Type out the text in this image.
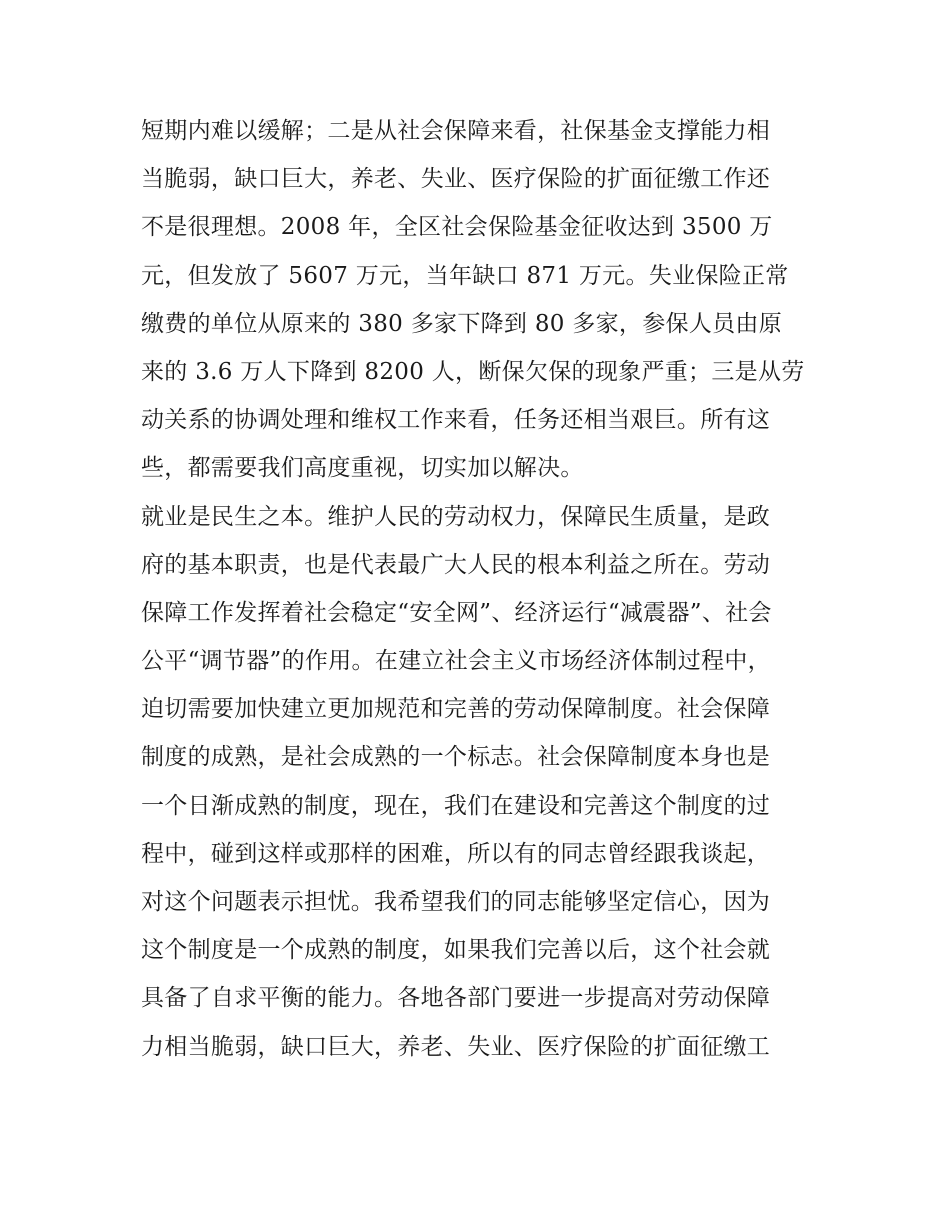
短期内难以缓解；二是从社会保障来看，社保基金支撑能力相
当脆弱，缺口巨大，养老、失业、医疗保险的扩面征缴工作还
不是很理想。2008 年，全区社会保险基金征收达到 3500 万
元，但发放了 5607 万元，当年缺口 871 万元。失业保险正常
缴费的单位从原来的 380 多家下降到 80 多家，参保人员由原
来的 3.6 万人下降到 8200 人，断保欠保的现象严重；三是从劳
动关系的协调处理和维权工作来看，任务还相当艰巨。所有这
些，都需要我们高度重视，切实加以解决。
就业是民生之本。维护人民的劳动权力，保障民生质量，是政
府的基本职责，也是代表最广大人民的根本利益之所在。劳动
保障工作发挥着社会稳定“安全网”、经济运行“减震器”、社会
公平“调节器”的作用。在建立社会主义市场经济体制过程中，
迫切需要加快建立更加规范和完善的劳动保障制度。社会保障
制度的成熟，是社会成熟的一个标志。社会保障制度本身也是
一个日渐成熟的制度，现在，我们在建设和完善这个制度的过
程中，碰到这样或那样的困难，所以有的同志曾经跟我谈起，
对这个问题表示担忧。我希望我们的同志能够坚定信心，因为
这个制度是一个成熟的制度，如果我们完善以后，这个社会就
具备了自求平衡的能力。各地各部门要进一步提高对劳动保障
力相当脆弱，缺口巨大，养老、失业、医疗保险的扩面征缴工
